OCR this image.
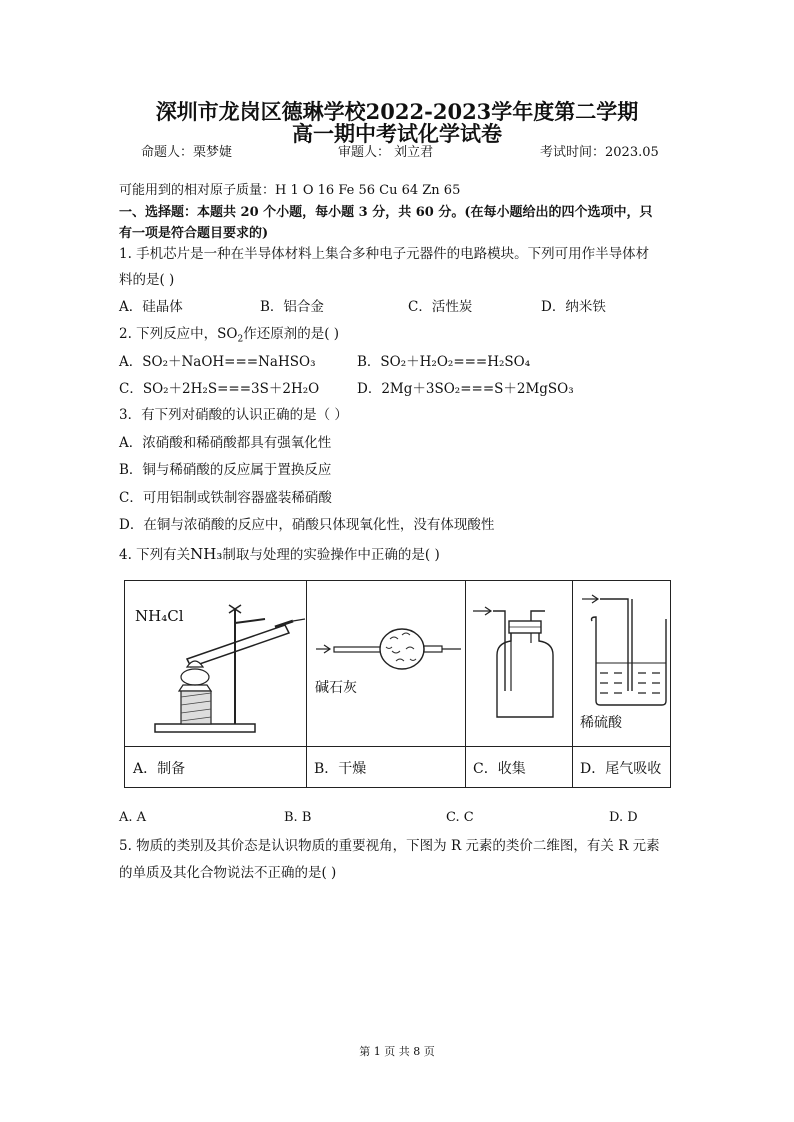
深圳市龙岗区德琳学校2022-2023学年度第二学期
高一期中考试化学试卷
命题人：栗梦婕	审题人： 刘立君	考试时间：2023.05
可能用到的相对原子质量：H 1 O 16 Fe 56 Cu 64 Zn 65
一、选择题：本题共 20 个小题，每小题 3 分，共 60 分。(在每小题给出的四个选项中，只
有一项是符合题目要求的)
1. 手机芯片是一种在半导体材料上集合多种电子元器件的电路模块。下列可用作半导体材
料的是( )
A．硅晶体	B．铝合金	C．活性炭	D．纳米铁
2. 下列反应中，$SO_2$作还原剂的是( )
A．SO₂＋NaOH===NaHSO₃	B．SO₂＋H₂O₂===H₂SO₄
C．SO₂＋2H₂S===3S＋2H₂O	D．2Mg＋3SO₂===S＋2MgSO₃
3．有下列对硝酸的认识正确的是（ ）
A．浓硝酸和稀硝酸都具有强氧化性
B．铜与稀硝酸的反应属于置换反应
C．可用铝制或铁制容器盛装稀硝酸
D．在铜与浓硝酸的反应中，硝酸只体现氧化性，没有体现酸性
4. 下列有关NH₃制取与处理的实验操作中正确的是( )
NH₄Cl
碱石灰
稀硫酸
A．制备	B．干燥	C．收集	D．尾气吸收
A. A	B. B	C. C	D. D
5. 物质的类别及其价态是认识物质的重要视角，下图为 R 元素的类价二维图，有关 R 元素
的单质及其化合物说法不正确的是( )
第 1 页 共 8 页
